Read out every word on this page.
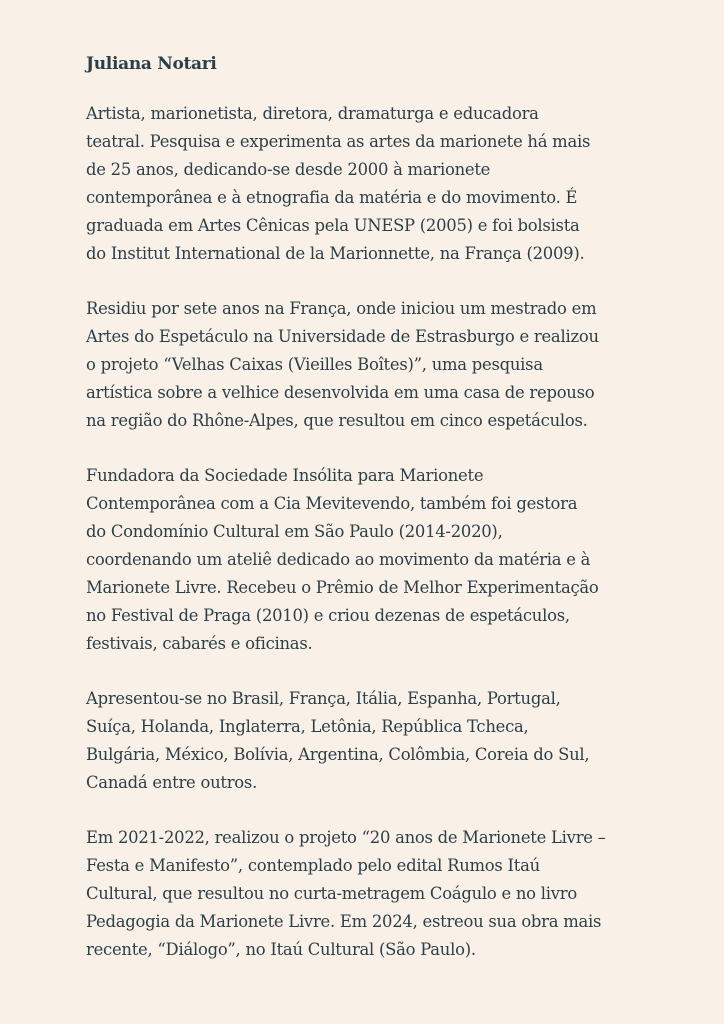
Juliana Notari
Artista, marionetista, diretora, dramaturga e educadora
teatral. Pesquisa e experimenta as artes da marionete há mais
de 25 anos, dedicando-se desde 2000 à marionete
contemporânea e à etnografia da matéria e do movimento. É
graduada em Artes Cênicas pela UNESP (2005) e foi bolsista
do Institut International de la Marionnette, na França (2009).
Residiu por sete anos na França, onde iniciou um mestrado em
Artes do Espetáculo na Universidade de Estrasburgo e realizou
o projeto “Velhas Caixas (Vieilles Boîtes)”, uma pesquisa
artística sobre a velhice desenvolvida em uma casa de repouso
na região do Rhône-Alpes, que resultou em cinco espetáculos.
Fundadora da Sociedade Insólita para Marionete
Contemporânea com a Cia Mevitevendo, também foi gestora
do Condomínio Cultural em São Paulo (2014-2020),
coordenando um ateliê dedicado ao movimento da matéria e à
Marionete Livre. Recebeu o Prêmio de Melhor Experimentação
no Festival de Praga (2010) e criou dezenas de espetáculos,
festivais, cabarés e oficinas.
Apresentou-se no Brasil, França, Itália, Espanha, Portugal,
Suíça, Holanda, Inglaterra, Letônia, República Tcheca,
Bulgária, México, Bolívia, Argentina, Colômbia, Coreia do Sul,
Canadá entre outros.
Em 2021-2022, realizou o projeto “20 anos de Marionete Livre –
Festa e Manifesto”, contemplado pelo edital Rumos Itaú
Cultural, que resultou no curta-metragem Coágulo e no livro
Pedagogia da Marionete Livre. Em 2024, estreou sua obra mais
recente, “Diálogo”, no Itaú Cultural (São Paulo).
